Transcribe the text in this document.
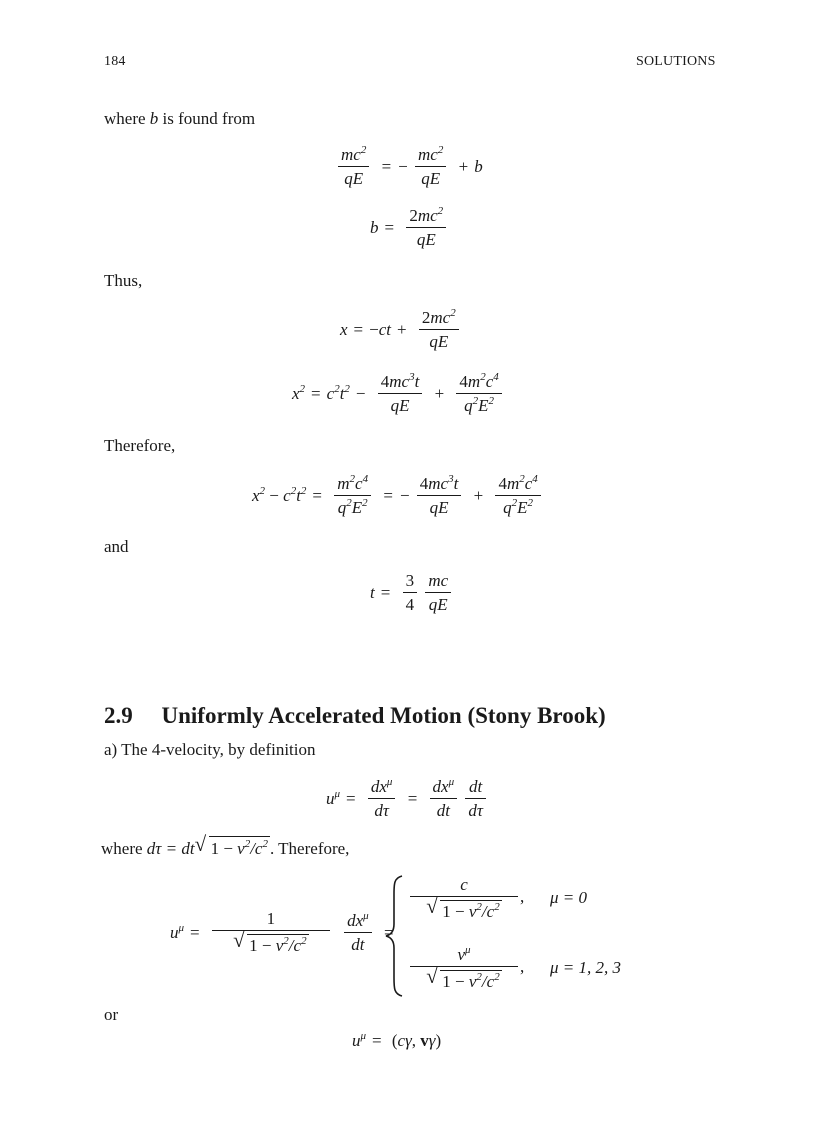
184	SOLUTIONS
where b is found from
$\frac{mc^2}{qE}$ = − $\frac{mc^2}{qE} + b$
$b = \frac{2mc^2}{qE}$
Thus,
$x = -ct + \frac{2mc^2}{qE}$
$x^2 = c^2t^2 - \frac{4mc^3t}{qE} + \frac{4m^2c^4}{q^2E^2}$
Therefore,
$x^2 - c^2t^2 = \frac{m^2c^4}{q^2E^2}$ = − $\frac{4mc^3t}{qE} + \frac{4m^2c^4}{q^2E^2}$
and
$t = \frac{3}{4}$
$\frac{mc}{qE}$
2.9  Uniformly Accelerated Motion (Stony Brook)
a) The 4-velocity, by definition
$u^\mu = \frac{dx^\mu}{d\tau} = \frac{dx^\mu}{dt}$
$\frac{dt}{d\tau}$
where dτ = dt √ $1 - v^2/c^2$ . Therefore,
$u^\mu = \frac{1}{√ 1 - v^2/c^2}$
$\frac{dx^\mu}{dt}$ =
$\frac{c}{√ 1 - v^2/c^2}$ , μ = 0
$\frac{v^\mu}{√ 1 - v^2/c^2}$ , μ = 1, 2, 3
or
$u^\mu = (c\gamma$, vγ)
